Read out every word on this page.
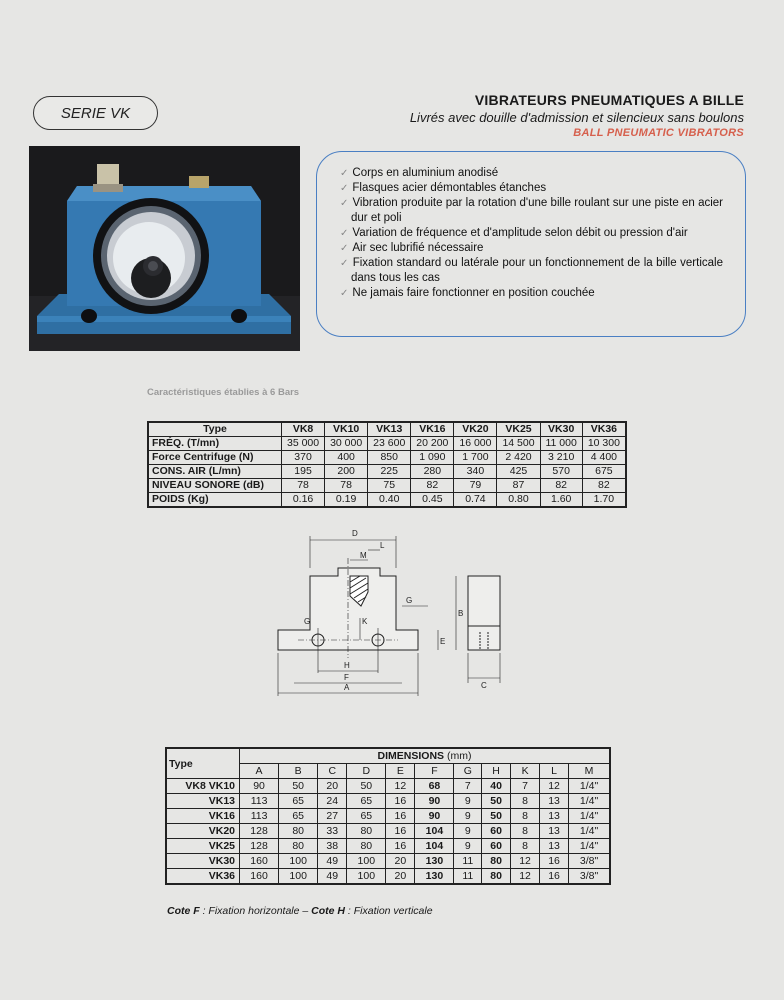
SERIE VK
VIBRATEURS PNEUMATIQUES A BILLE
Livrés avec douille d'admission et silencieux sans boulons
BALL PNEUMATIC VIBRATORS
✓ Corps en aluminium anodisé
✓ Flasques acier démontables étanches
✓ Vibration produite par la rotation d'une bille roulant sur une piste en acier dur et poli
✓ Variation de fréquence et d'amplitude selon débit ou pression d'air
✓ Air sec lubrifié nécessaire
✓ Fixation standard ou latérale pour un fonctionnement de la bille verticale dans tous les cas
✓ Ne jamais faire fonctionner en position couchée
Caractéristiques établies à 6 Bars
Type	VK8	VK10	VK13	VK16	VK20	VK25	VK30	VK36
FRÉQ. (T/mn)	35 000	30 000	23 600	20 200	16 000	14 500	11 000	10 300
Force Centrifuge (N)	370	400	850	1 090	1 700	2 420	3 210	4 400
CONS. AIR (L/mn)	195	200	225	280	340	425	570	675
NIVEAU SONORE (dB)	78	78	75	82	79	87	82	82
POIDS (Kg)	0.16	0.19	0.40	0.45	0.74	0.80	1.60	1.70
D
L
M
G
K
G
H
F
A
E
B
C
Type	DIMENSIONS (mm)										
	A	B	C	D	E	F	G	H	K	L	M
VK8 VK10	90	50	20	50	12	68	7	40	7	12	1/4"
VK13	113	65	24	65	16	90	9	50	8	13	1/4"
VK16	113	65	27	65	16	90	9	50	8	13	1/4"
VK20	128	80	33	80	16	104	9	60	8	13	1/4"
VK25	128	80	38	80	16	104	9	60	8	13	1/4"
VK30	160	100	49	100	20	130	11	80	12	16	3/8"
VK36	160	100	49	100	20	130	11	80	12	16	3/8"
Cote F : Fixation horizontale – Cote H : Fixation verticale
